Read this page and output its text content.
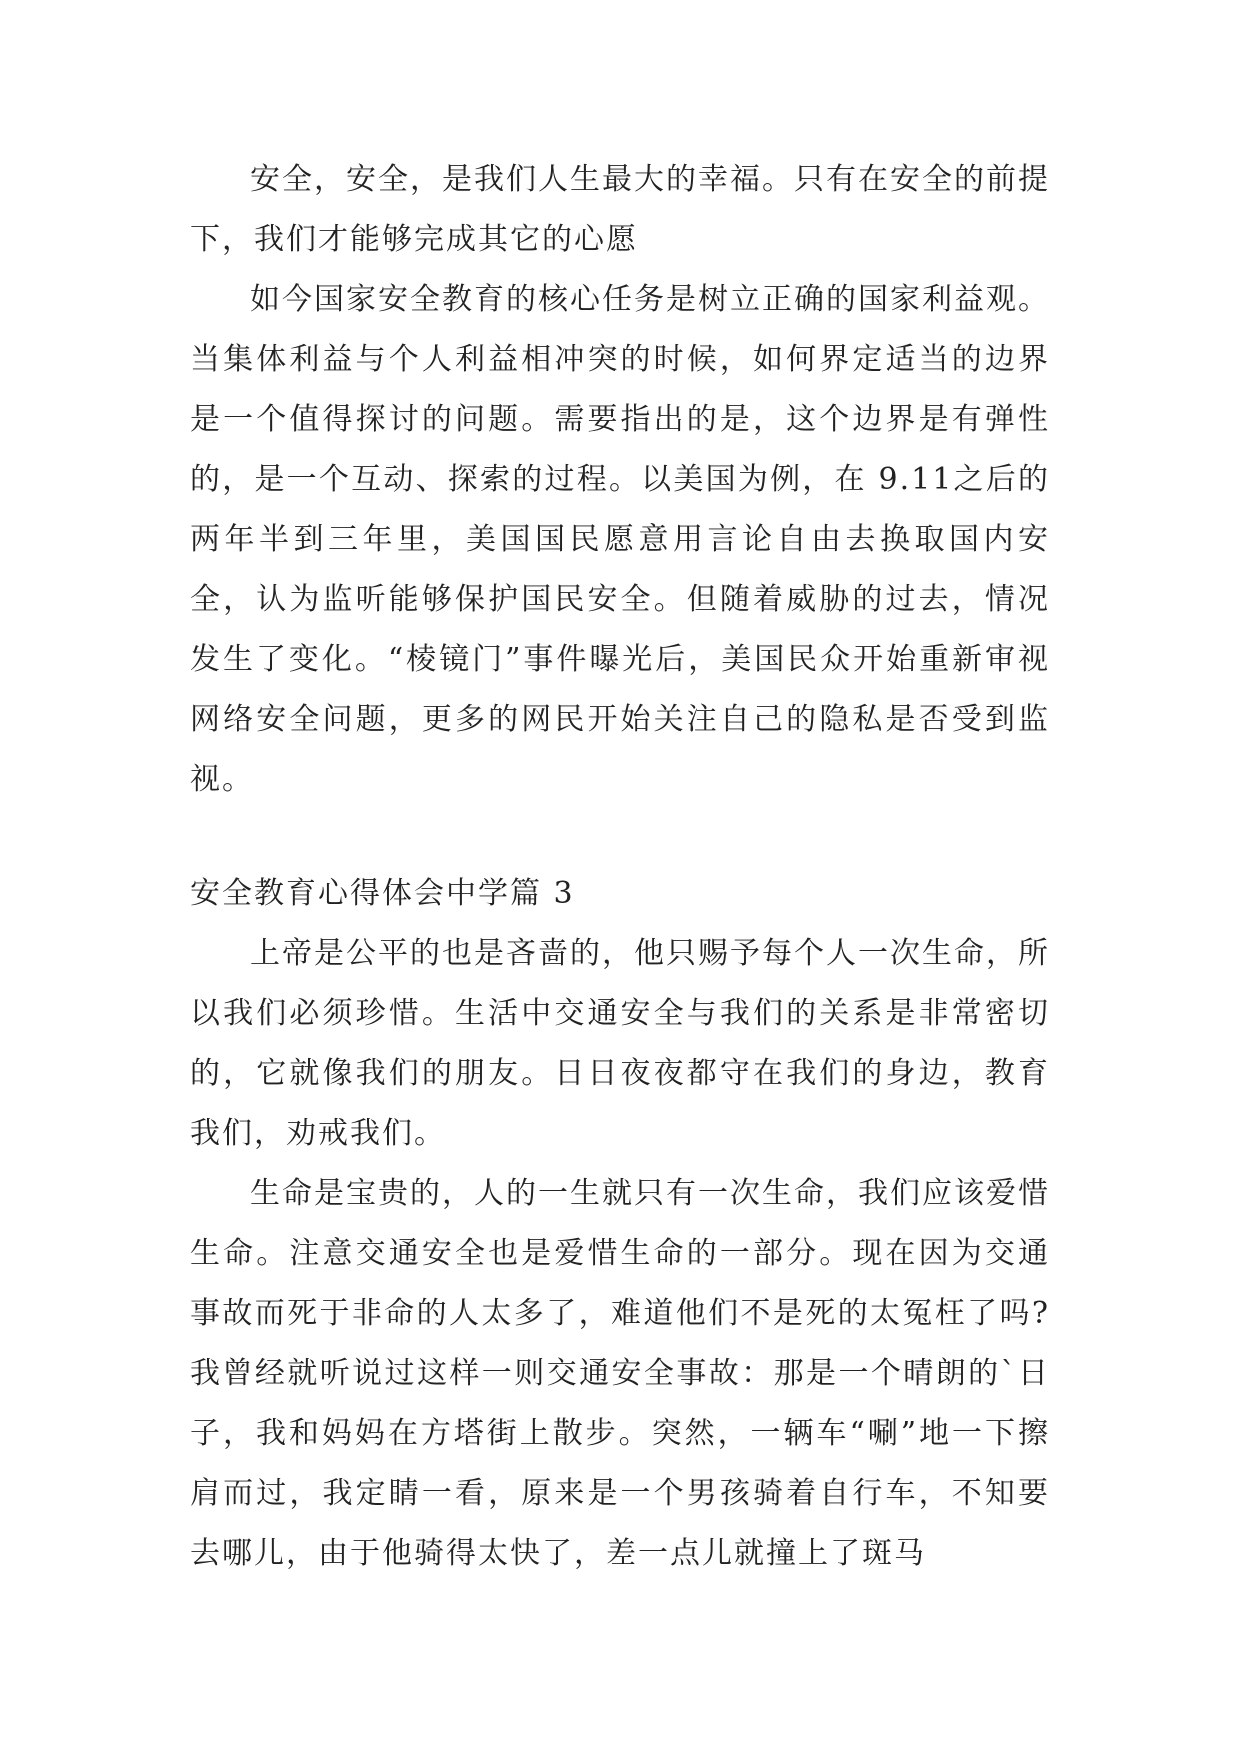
安全，安全，是我们人生最大的幸福。只有在安全的前提下，我们才能够完成其它的心愿

如今国家安全教育的核心任务是树立正确的国家利益观。当集体利益与个人利益相冲突的时候，如何界定适当的边界是一个值得探讨的问题。需要指出的是，这个边界是有弹性的，是一个互动、探索的过程。以美国为例，在 9.11之后的两年半到三年里，美国国民愿意用言论自由去换取国内安全，认为监听能够保护国民安全。但随着威胁的过去，情况发生了变化。“棱镜门”事件曝光后，美国民众开始重新审视网络安全问题，更多的网民开始关注自己的隐私是否受到监视。

安全教育心得体会中学篇 3

上帝是公平的也是吝啬的，他只赐予每个人一次生命，所以我们必须珍惜。生活中交通安全与我们的关系是非常密切的，它就像我们的朋友。日日夜夜都守在我们的身边，教育我们，劝戒我们。

生命是宝贵的，人的一生就只有一次生命，我们应该爱惜生命。注意交通安全也是爱惜生命的一部分。现在因为交通事故而死于非命的人太多了，难道他们不是死的太冤枉了吗?我曾经就听说过这样一则交通安全事故：那是一个晴朗的`日子，我和妈妈在方塔街上散步。突然，一辆车“唰”地一下擦肩而过，我定睛一看，原来是一个男孩骑着自行车，不知要去哪儿，由于他骑得太快了，差一点儿就撞上了斑马
